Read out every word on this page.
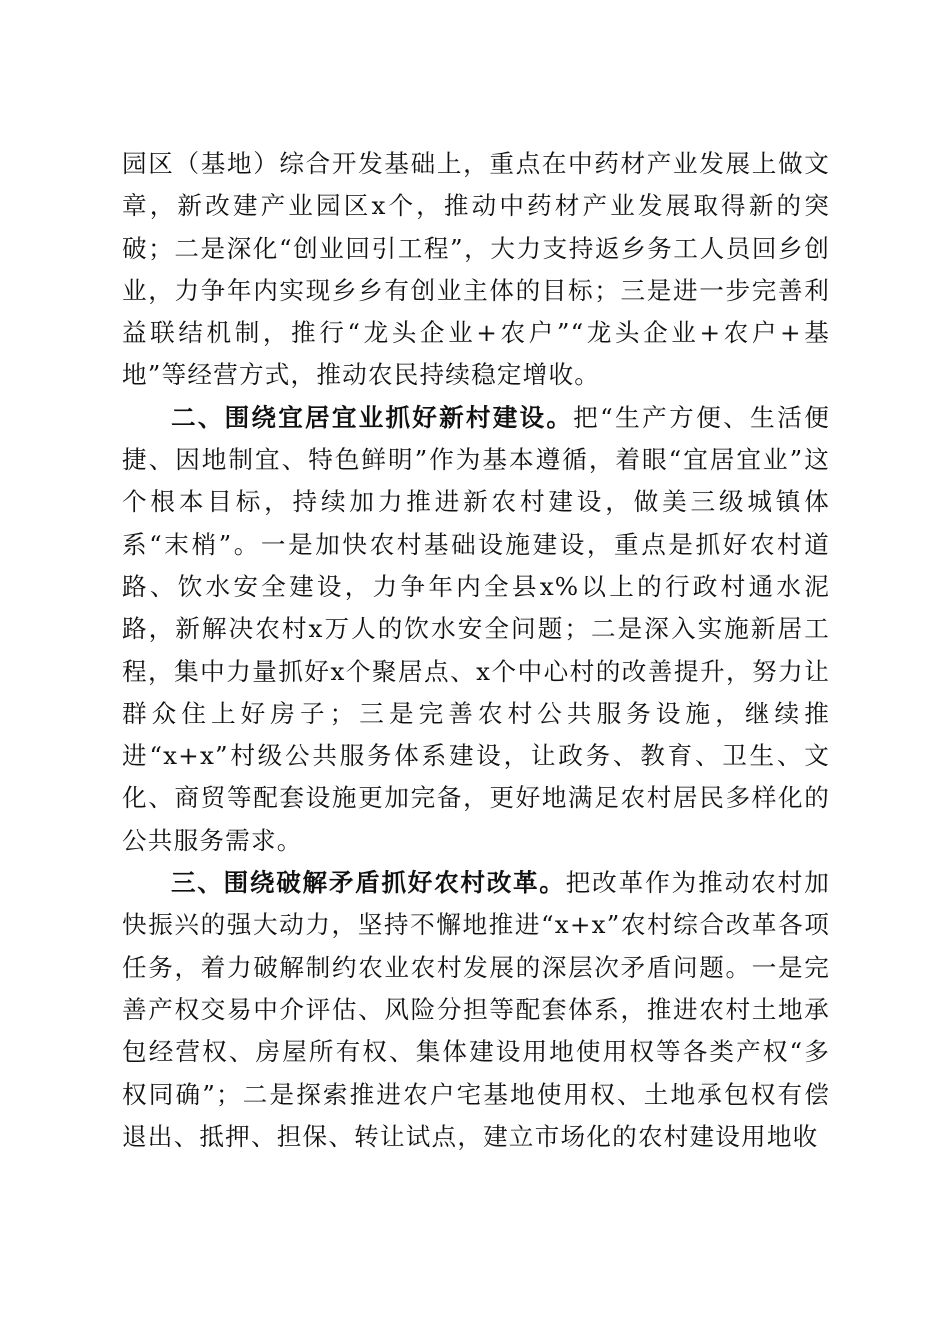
园区（基地）综合开发基础上，重点在中药材产业发展上做文章，新改建产业园区x个，推动中药材产业发展取得新的突破；二是深化“创业回引工程”，大力支持返乡务工人员回乡创业，力争年内实现乡乡有创业主体的目标；三是进一步完善利益联结机制，推行“龙头企业+农户”“龙头企业+农户+基地”等经营方式，推动农民持续稳定增收。

二、围绕宜居宜业抓好新村建设。把“生产方便、生活便捷、因地制宜、特色鲜明”作为基本遵循，着眼“宜居宜业”这个根本目标，持续加力推进新农村建设，做美三级城镇体系“末梢”。一是加快农村基础设施建设，重点是抓好农村道路、饮水安全建设，力争年内全县x%以上的行政村通水泥路，新解决农村x万人的饮水安全问题；二是深入实施新居工程，集中力量抓好x个聚居点、x个中心村的改善提升，努力让群众住上好房子；三是完善农村公共服务设施，继续推进“x+x”村级公共服务体系建设，让政务、教育、卫生、文化、商贸等配套设施更加完备，更好地满足农村居民多样化的公共服务需求。

三、围绕破解矛盾抓好农村改革。把改革作为推动农村加快振兴的强大动力，坚持不懈地推进“x+x”农村综合改革各项任务，着力破解制约农业农村发展的深层次矛盾问题。一是完善产权交易中介评估、风险分担等配套体系，推进农村土地承包经营权、房屋所有权、集体建设用地使用权等各类产权“多权同确”；二是探索推进农户宅基地使用权、土地承包权有偿退出、抵押、担保、转让试点，建立市场化的农村建设用地收
